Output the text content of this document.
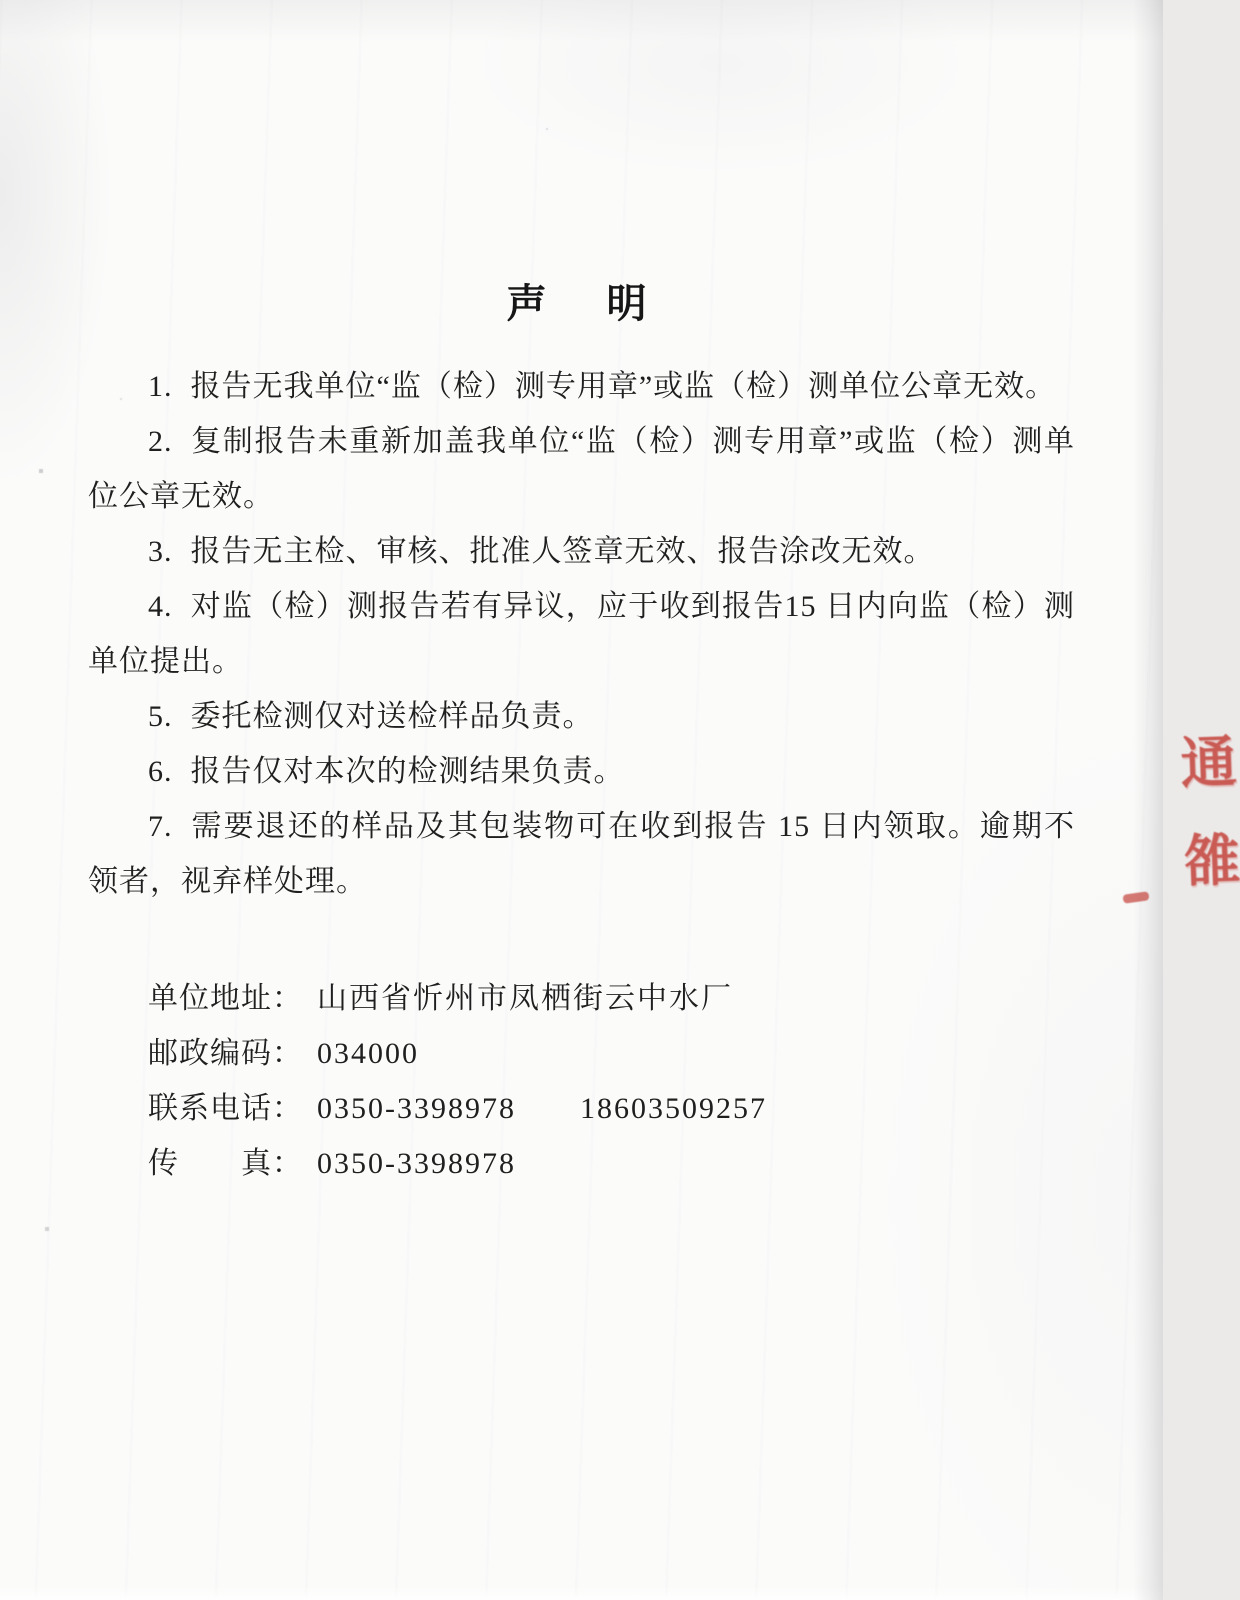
声　明

1. 报告无我单位“监（检）测专用章”或监（检）测单位公章无效。

2. 复制报告未重新加盖我单位“监（检）测专用章”或监（检）测单位公章无效。

3. 报告无主检、审核、批准人签章无效、报告涂改无效。

4. 对监（检）测报告若有异议，应于收到报告15 日内向监（检）测单位提出。

5. 委托检测仅对送检样品负责。

6. 报告仅对本次的检测结果负责。

7. 需要退还的样品及其包装物可在收到报告 15 日内领取。逾期不领者，视弃样处理。

单位地址： 山西省忻州市凤栖街云中水厂
邮政编码： 034000
联系电话： 0350-3398978　　18603509257
传　　真： 0350-3398978
通雒
